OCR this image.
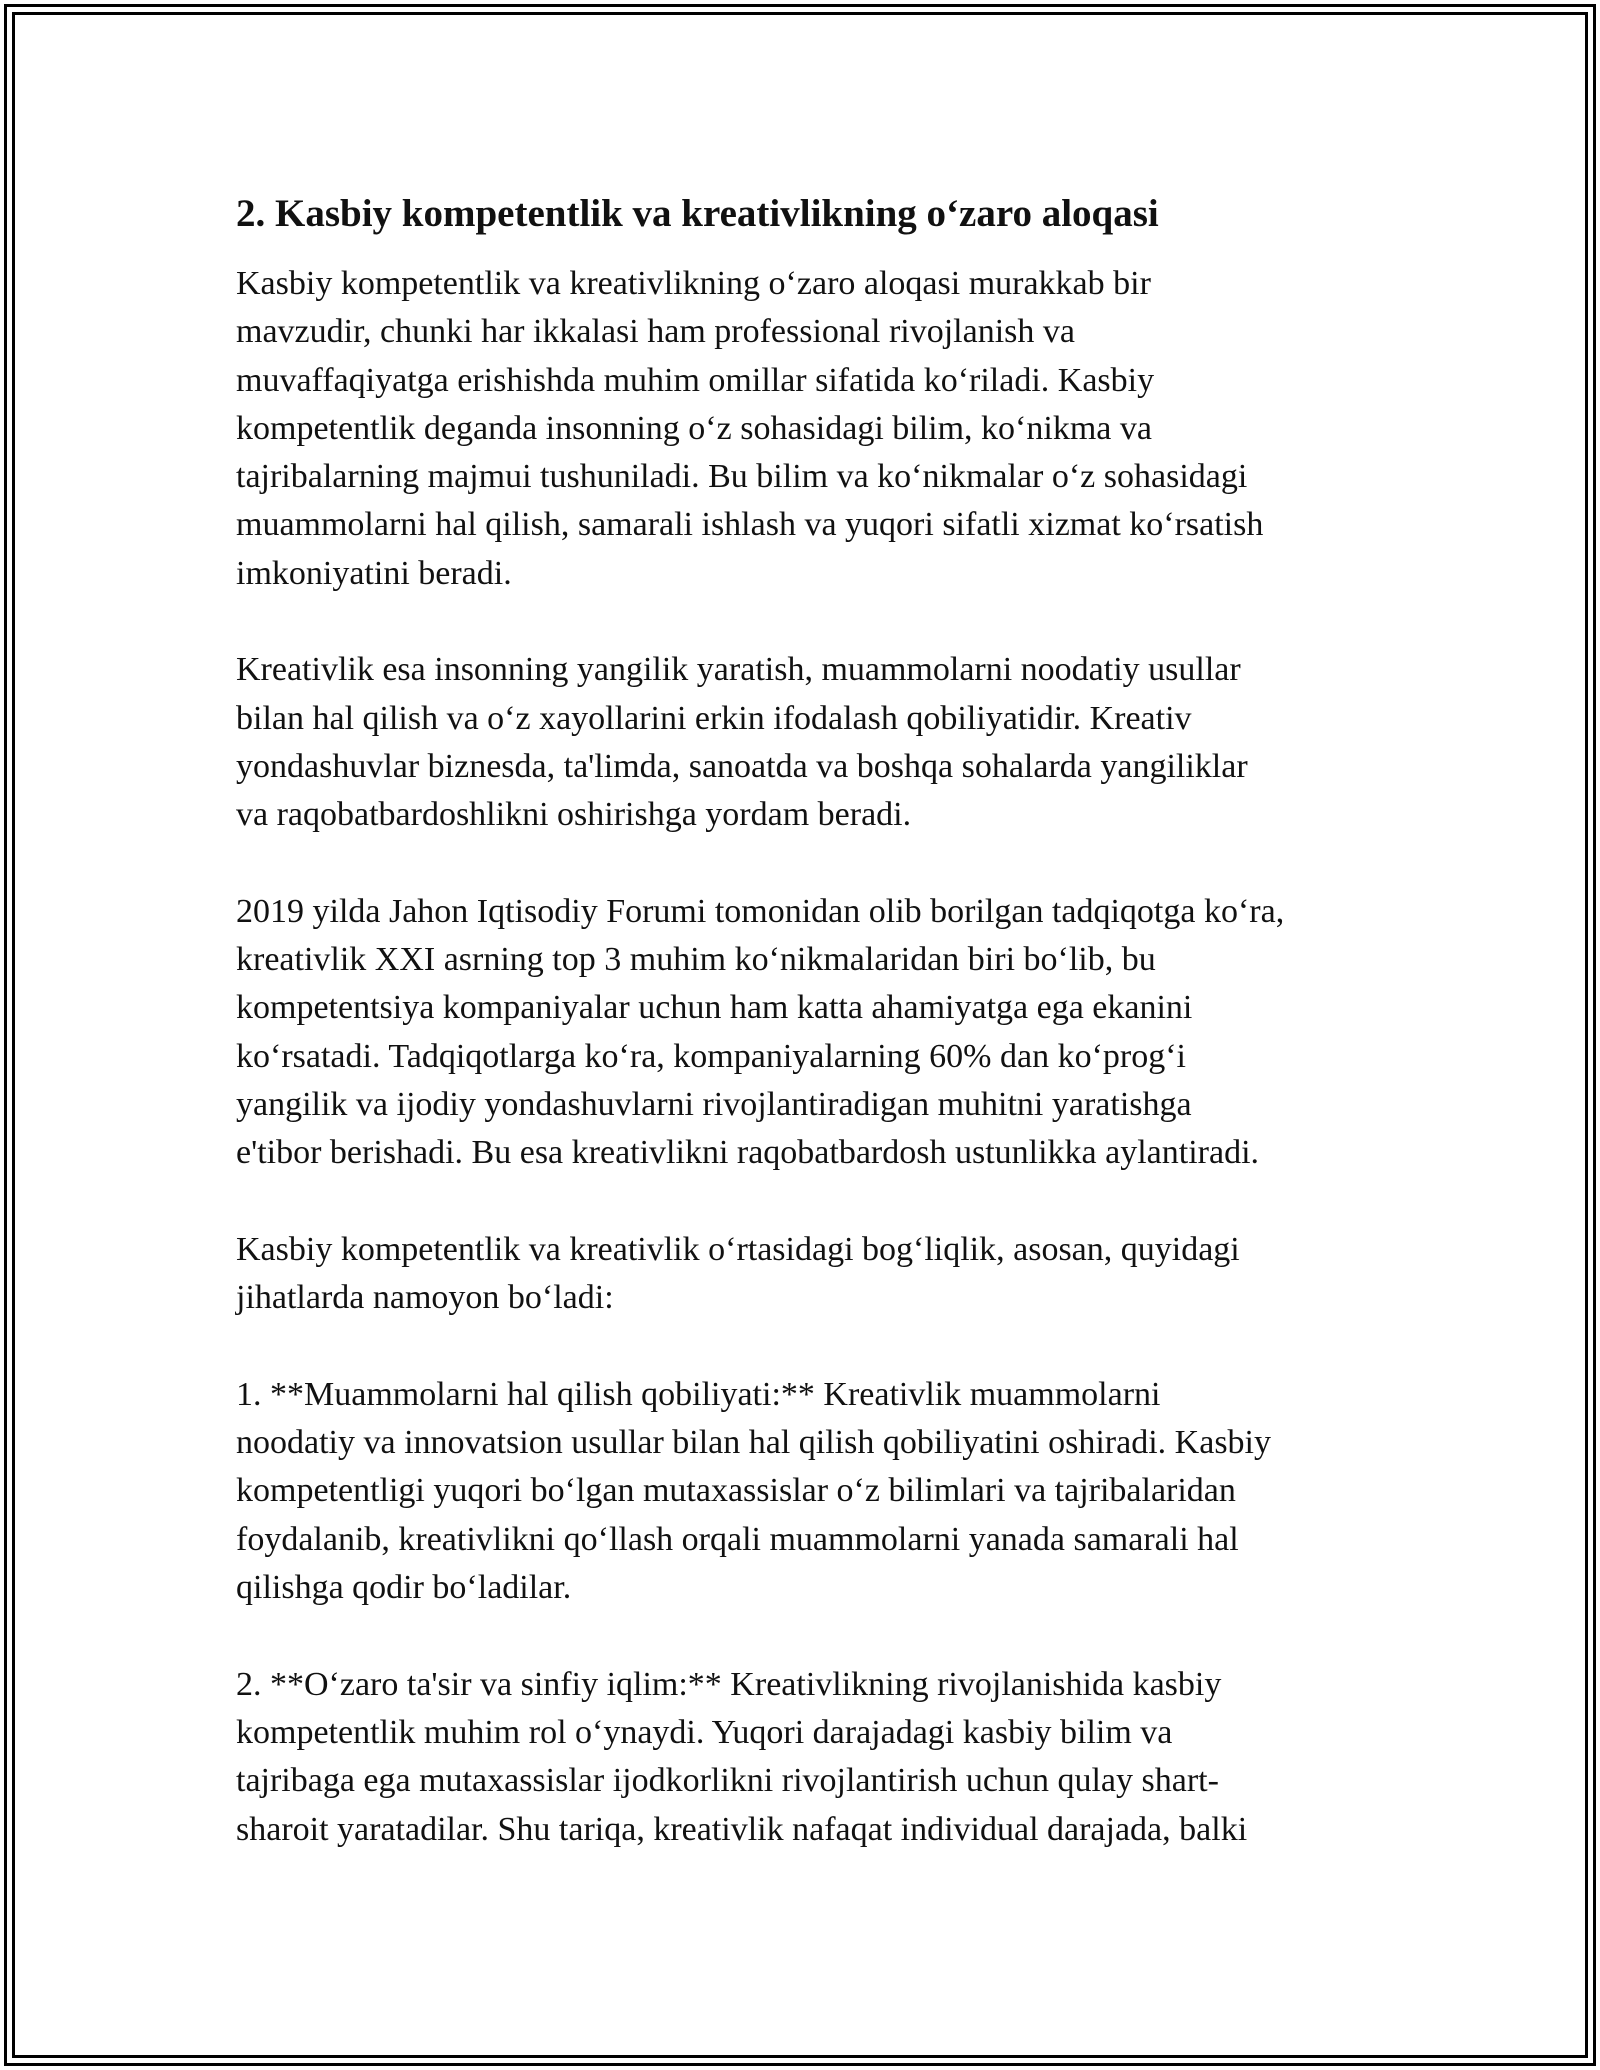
2. Kasbiy kompetentlik va kreativlikning o‘zaro aloqasi
Kasbiy kompetentlik va kreativlikning o‘zaro aloqasi murakkab bir
mavzudir, chunki har ikkalasi ham professional rivojlanish va
muvaffaqiyatga erishishda muhim omillar sifatida ko‘riladi. Kasbiy
kompetentlik deganda insonning o‘z sohasidagi bilim, ko‘nikma va
tajribalarning majmui tushuniladi. Bu bilim va ko‘nikmalar o‘z sohasidagi
muammolarni hal qilish, samarali ishlash va yuqori sifatli xizmat ko‘rsatish
imkoniyatini beradi.
Kreativlik esa insonning yangilik yaratish, muammolarni noodatiy usullar
bilan hal qilish va o‘z xayollarini erkin ifodalash qobiliyatidir. Kreativ
yondashuvlar biznesda, ta'limda, sanoatda va boshqa sohalarda yangiliklar
va raqobatbardoshlikni oshirishga yordam beradi.
2019 yilda Jahon Iqtisodiy Forumi tomonidan olib borilgan tadqiqotga ko‘ra,
kreativlik XXI asrning top 3 muhim ko‘nikmalaridan biri bo‘lib, bu
kompetentsiya kompaniyalar uchun ham katta ahamiyatga ega ekanini
ko‘rsatadi. Tadqiqotlarga ko‘ra, kompaniyalarning 60% dan ko‘prog‘i
yangilik va ijodiy yondashuvlarni rivojlantiradigan muhitni yaratishga
e'tibor berishadi. Bu esa kreativlikni raqobatbardosh ustunlikka aylantiradi.
Kasbiy kompetentlik va kreativlik o‘rtasidagi bog‘liqlik, asosan, quyidagi
jihatlarda namoyon bo‘ladi:
1. **Muammolarni hal qilish qobiliyati:** Kreativlik muammolarni
noodatiy va innovatsion usullar bilan hal qilish qobiliyatini oshiradi. Kasbiy
kompetentligi yuqori bo‘lgan mutaxassislar o‘z bilimlari va tajribalaridan
foydalanib, kreativlikni qo‘llash orqali muammolarni yanada samarali hal
qilishga qodir bo‘ladilar.
2. **O‘zaro ta'sir va sinfiy iqlim:** Kreativlikning rivojlanishida kasbiy
kompetentlik muhim rol o‘ynaydi. Yuqori darajadagi kasbiy bilim va
tajribaga ega mutaxassislar ijodkorlikni rivojlantirish uchun qulay shart-
sharoit yaratadilar. Shu tariqa, kreativlik nafaqat individual darajada, balki
